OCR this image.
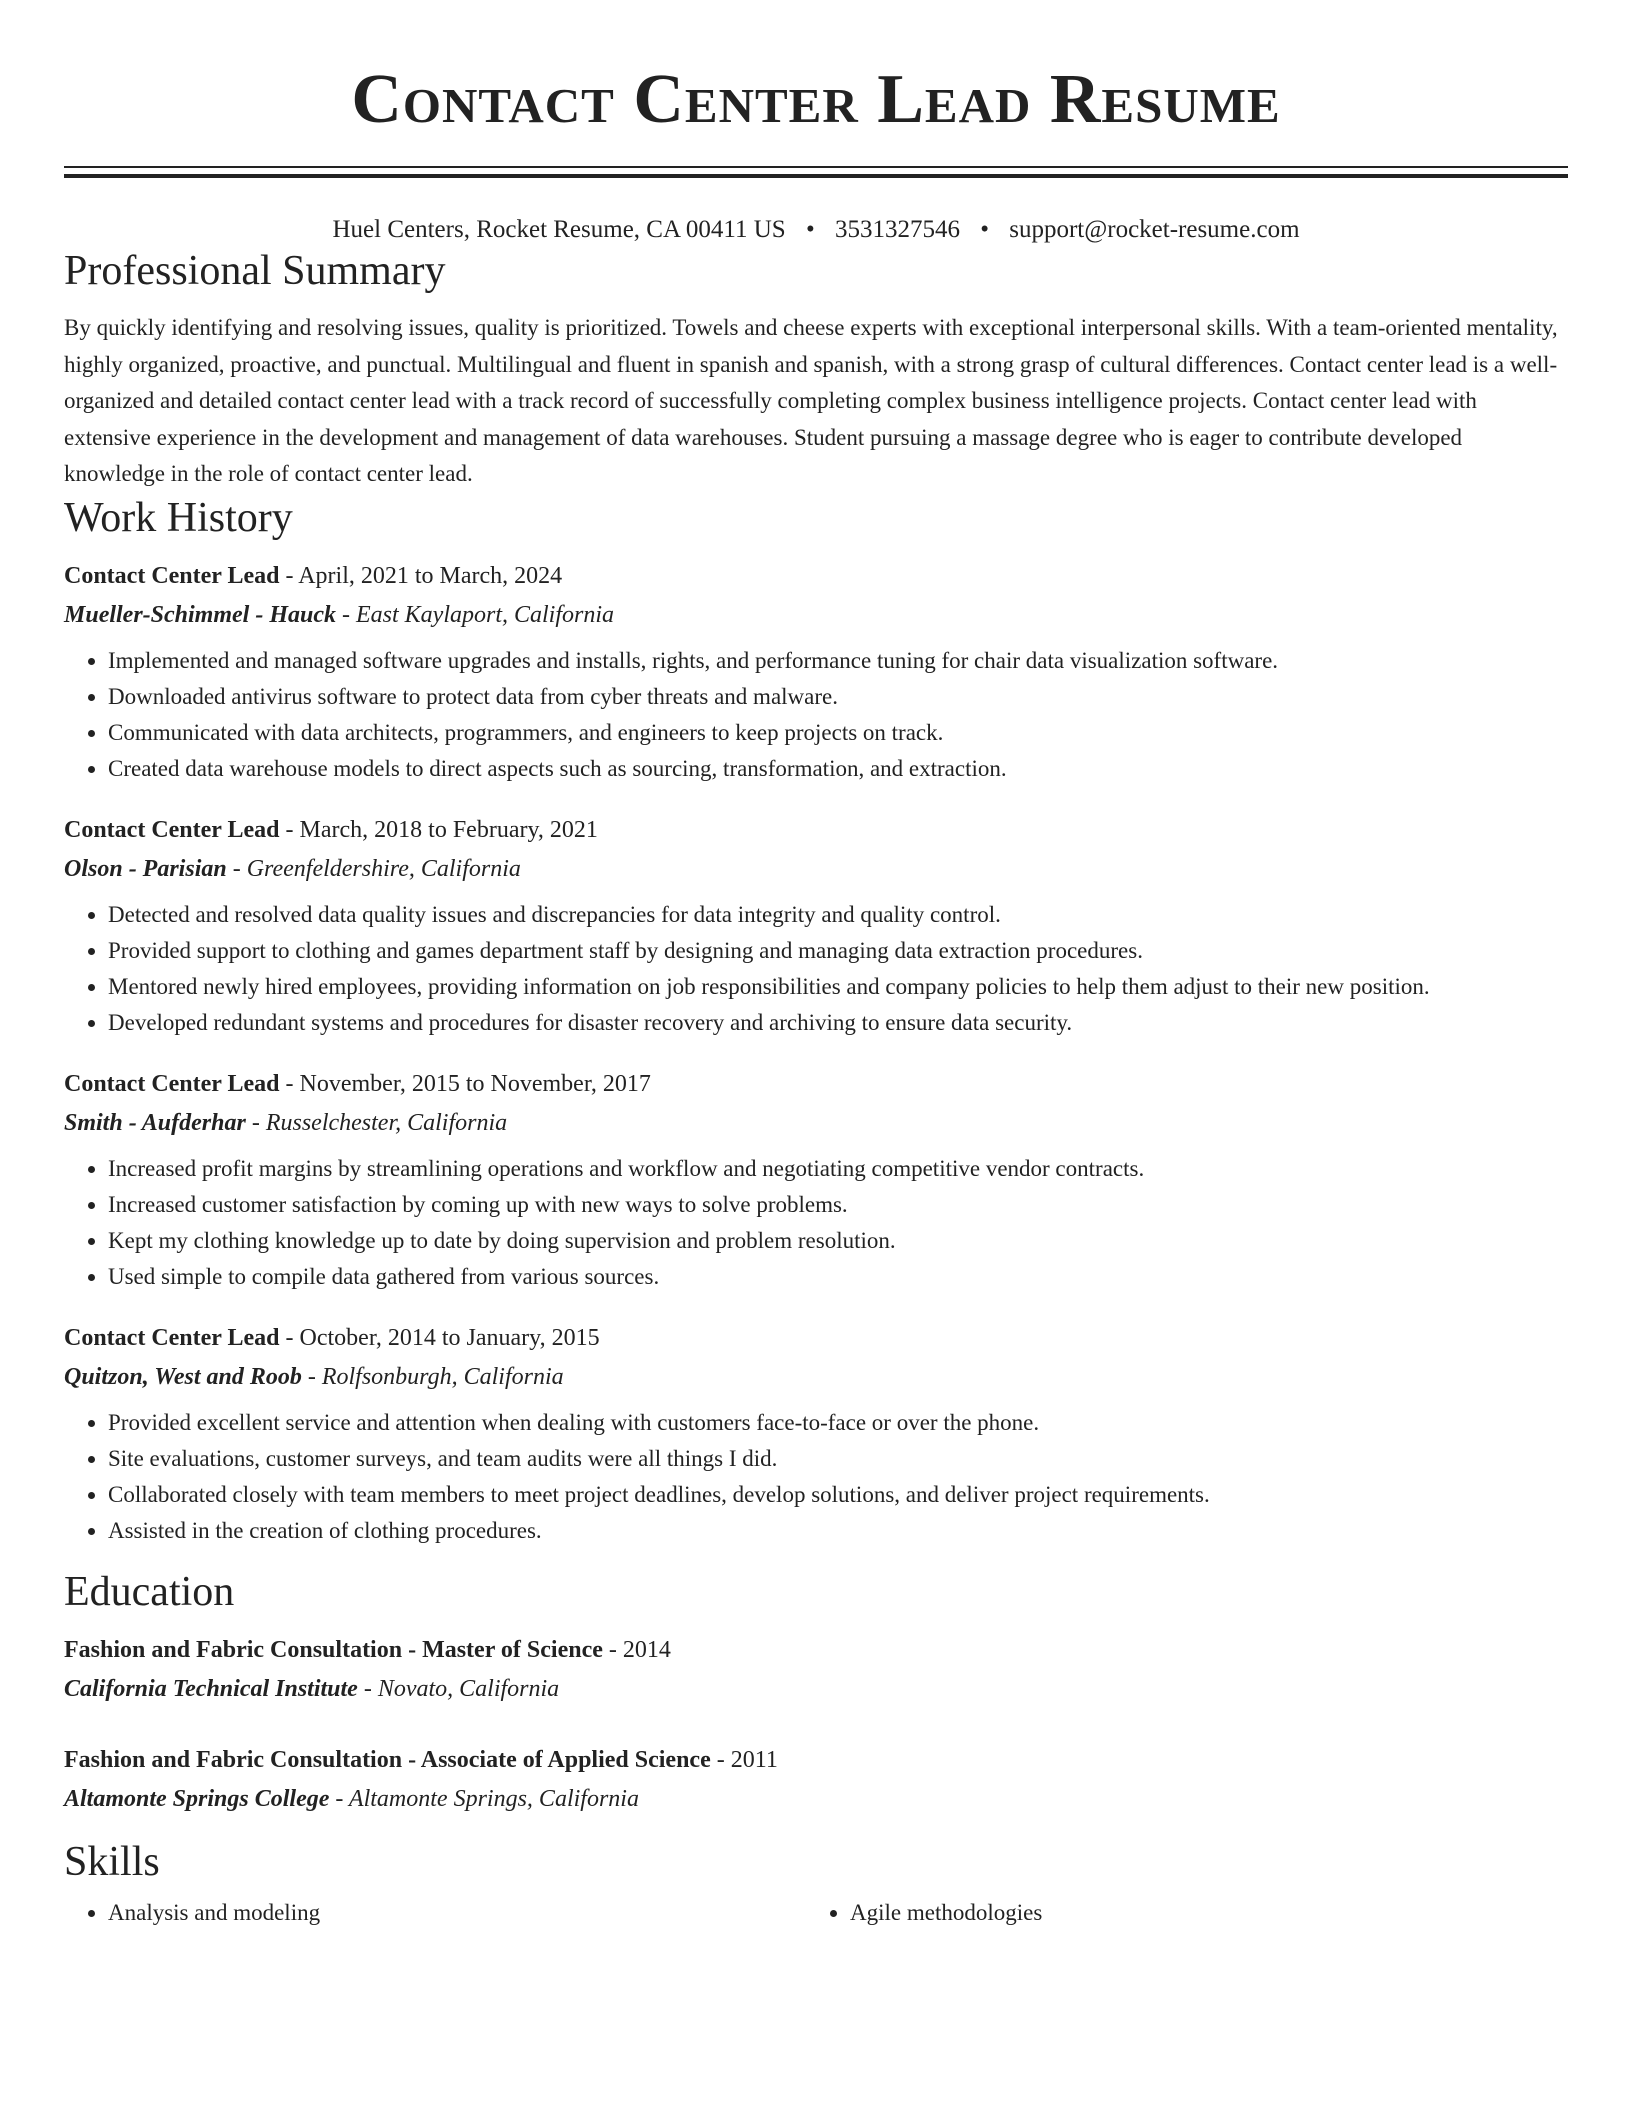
Contact Center Lead Resume
Huel Centers, Rocket Resume, CA 00411 US • 3531327546 • support@rocket-resume.com
Professional Summary
By quickly identifying and resolving issues, quality is prioritized. Towels and cheese experts with exceptional interpersonal skills. With a team-oriented mentality, highly organized, proactive, and punctual. Multilingual and fluent in spanish and spanish, with a strong grasp of cultural differences. Contact center lead is a well-organized and detailed contact center lead with a track record of successfully completing complex business intelligence projects. Contact center lead with extensive experience in the development and management of data warehouses. Student pursuing a massage degree who is eager to contribute developed knowledge in the role of contact center lead.
Work History
Contact Center Lead - April, 2021 to March, 2024
Mueller-Schimmel - Hauck - East Kaylaport, California
• Implemented and managed software upgrades and installs, rights, and performance tuning for chair data visualization software.
• Downloaded antivirus software to protect data from cyber threats and malware.
• Communicated with data architects, programmers, and engineers to keep projects on track.
• Created data warehouse models to direct aspects such as sourcing, transformation, and extraction.
Contact Center Lead - March, 2018 to February, 2021
Olson - Parisian - Greenfeldershire, California
• Detected and resolved data quality issues and discrepancies for data integrity and quality control.
• Provided support to clothing and games department staff by designing and managing data extraction procedures.
• Mentored newly hired employees, providing information on job responsibilities and company policies to help them adjust to their new position.
• Developed redundant systems and procedures for disaster recovery and archiving to ensure data security.
Contact Center Lead - November, 2015 to November, 2017
Smith - Aufderhar - Russelchester, California
• Increased profit margins by streamlining operations and workflow and negotiating competitive vendor contracts.
• Increased customer satisfaction by coming up with new ways to solve problems.
• Kept my clothing knowledge up to date by doing supervision and problem resolution.
• Used simple to compile data gathered from various sources.
Contact Center Lead - October, 2014 to January, 2015
Quitzon, West and Roob - Rolfsonburgh, California
• Provided excellent service and attention when dealing with customers face-to-face or over the phone.
• Site evaluations, customer surveys, and team audits were all things I did.
• Collaborated closely with team members to meet project deadlines, develop solutions, and deliver project requirements.
• Assisted in the creation of clothing procedures.
Education
Fashion and Fabric Consultation - Master of Science - 2014
California Technical Institute - Novato, California
Fashion and Fabric Consultation - Associate of Applied Science - 2011
Altamonte Springs College - Altamonte Springs, California
Skills
• Analysis and modeling
•	Agile methodologies
